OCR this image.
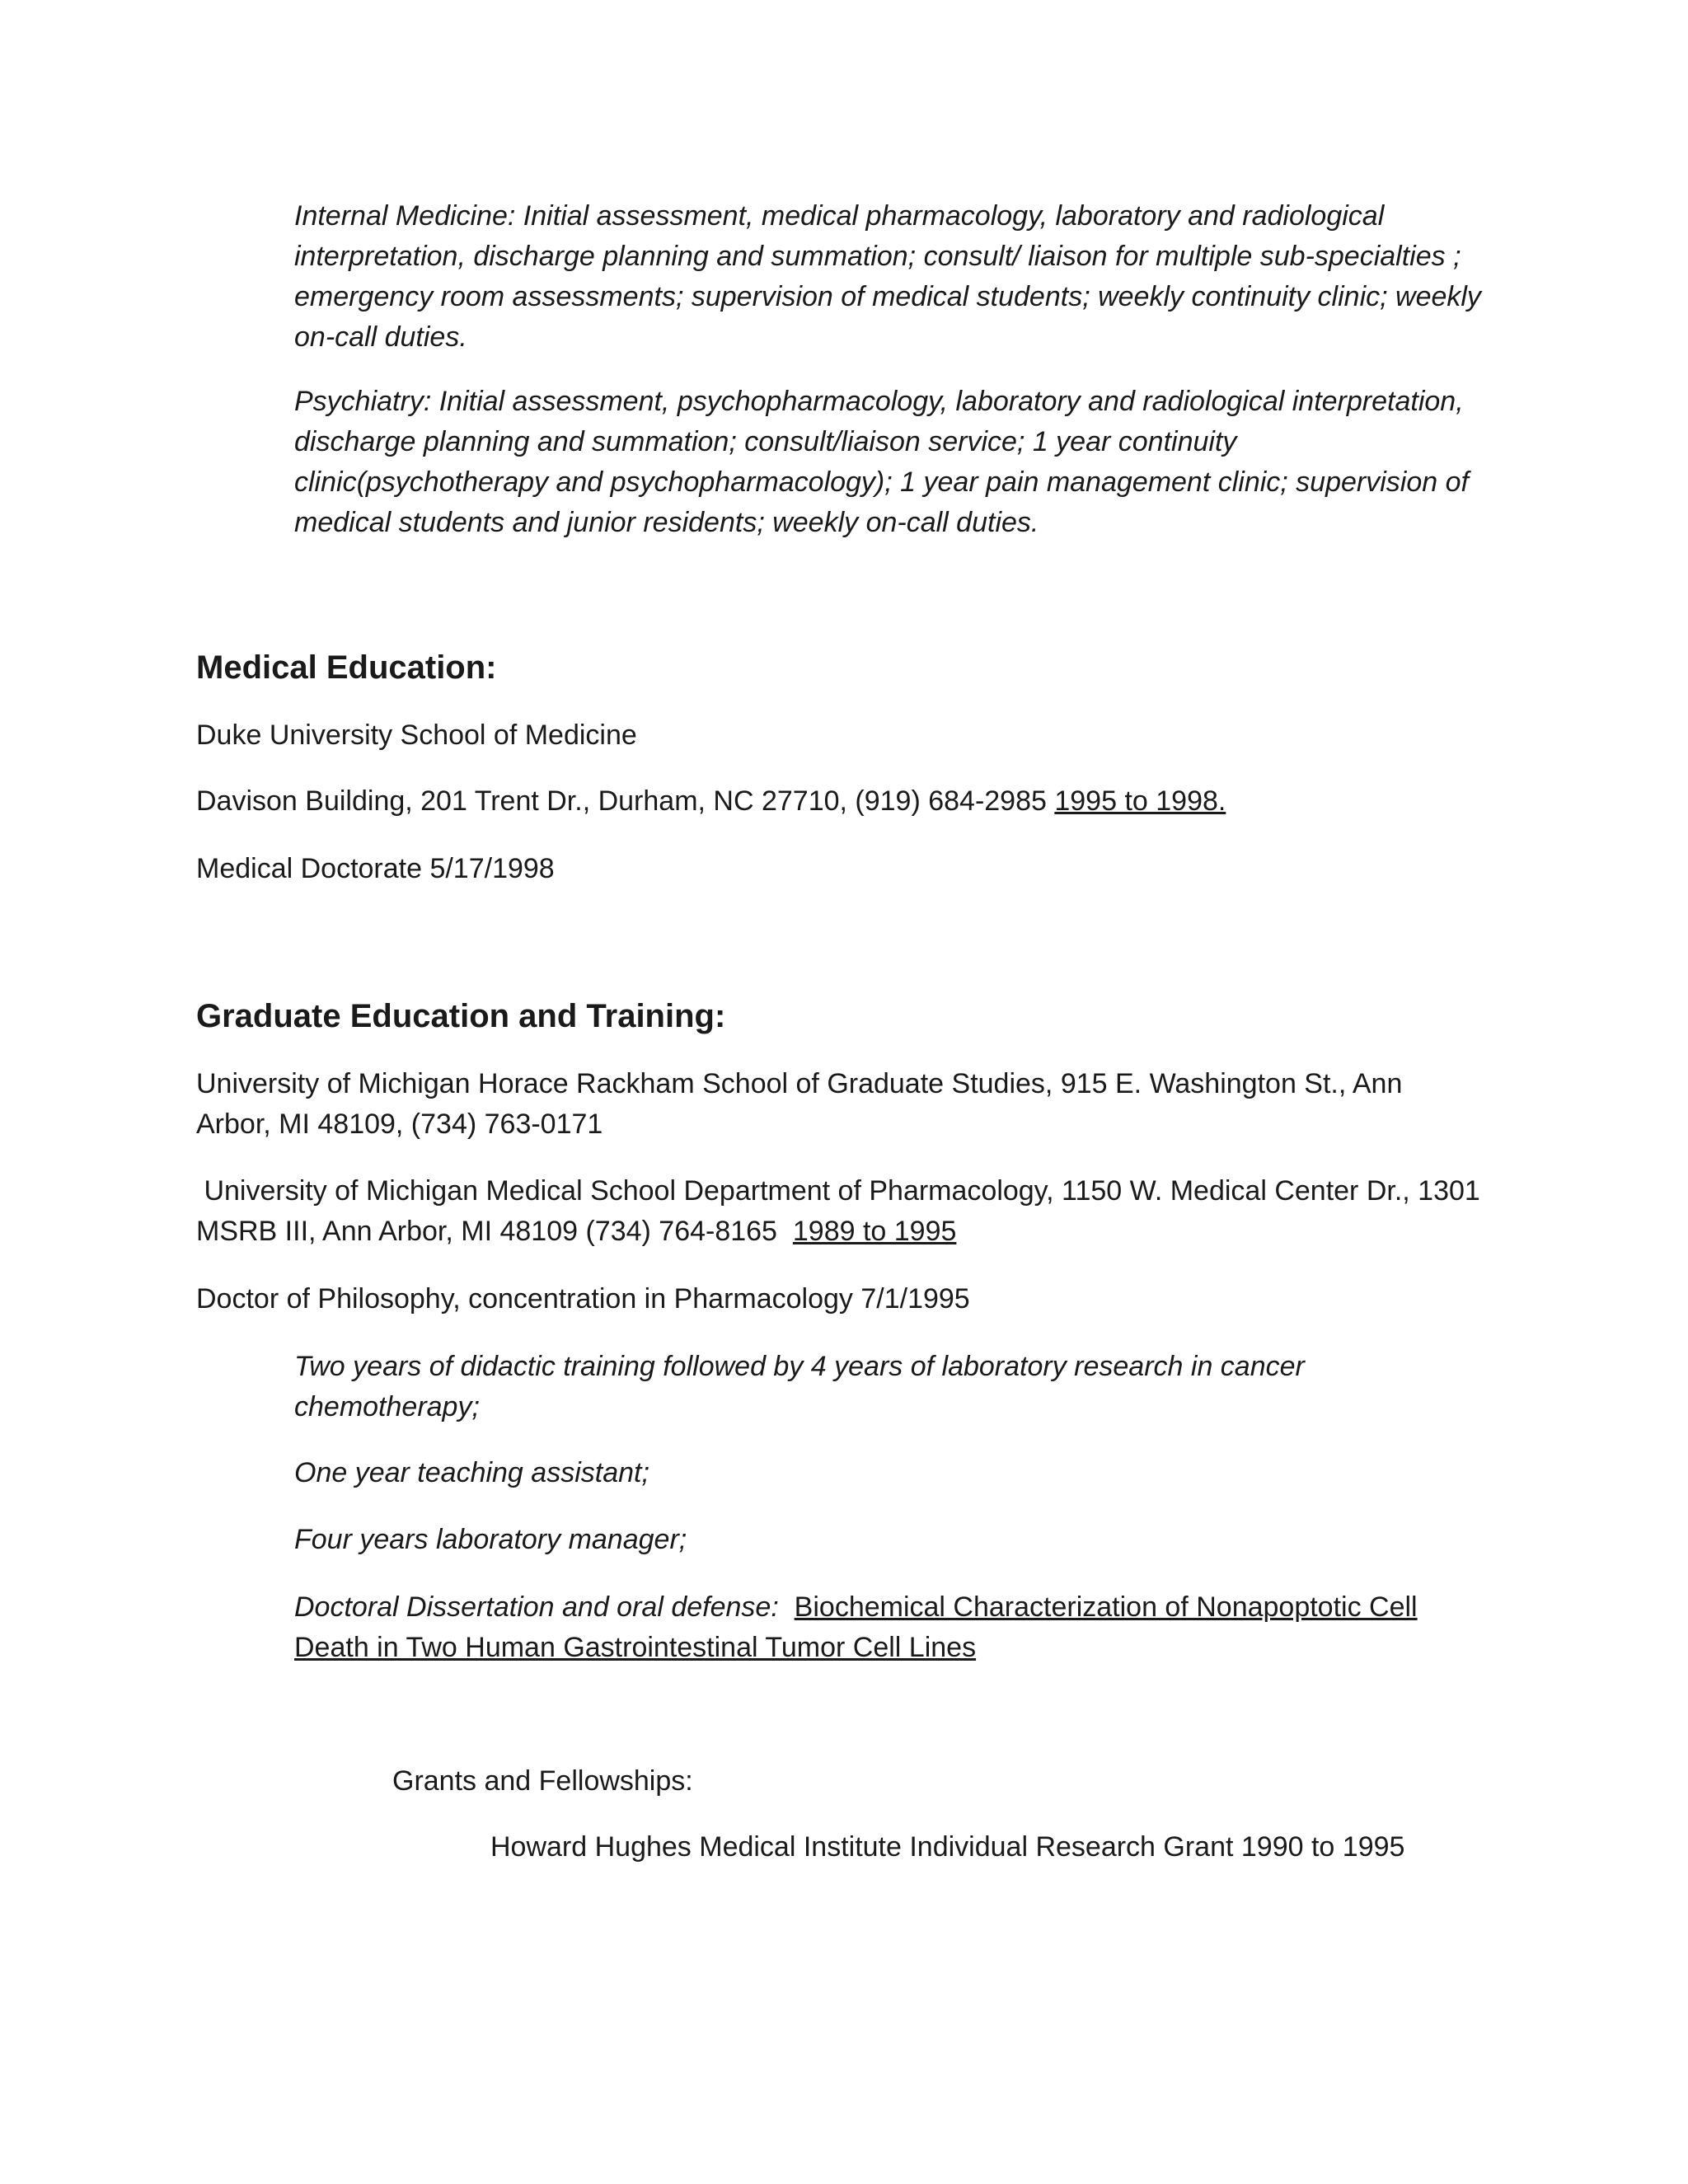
Internal Medicine: Initial assessment, medical pharmacology, laboratory and radiological interpretation, discharge planning and summation; consult/ liaison for multiple sub-specialties ; emergency room assessments; supervision of medical students; weekly continuity clinic; weekly on-call duties.

Psychiatry: Initial assessment, psychopharmacology, laboratory and radiological interpretation, discharge planning and summation; consult/liaison service; 1 year continuity clinic(psychotherapy and psychopharmacology); 1 year pain management clinic; supervision of medical students and junior residents; weekly on-call duties.

Medical Education:

Duke University School of Medicine

Davison Building, 201 Trent Dr., Durham, NC 27710, (919) 684-2985 1995 to 1998.

Medical Doctorate 5/17/1998

Graduate Education and Training:

University of Michigan Horace Rackham School of Graduate Studies, 915 E. Washington St., Ann Arbor, MI 48109, (734) 763-0171

University of Michigan Medical School Department of Pharmacology, 1150 W. Medical Center Dr., 1301 MSRB III, Ann Arbor, MI 48109 (734) 764-8165 1989 to 1995

Doctor of Philosophy, concentration in Pharmacology 7/1/1995

Two years of didactic training followed by 4 years of laboratory research in cancer chemotherapy;

One year teaching assistant;

Four years laboratory manager;

Doctoral Dissertation and oral defense: Biochemical Characterization of Nonapoptotic Cell Death in Two Human Gastrointestinal Tumor Cell Lines

Grants and Fellowships:

Howard Hughes Medical Institute Individual Research Grant 1990 to 1995
